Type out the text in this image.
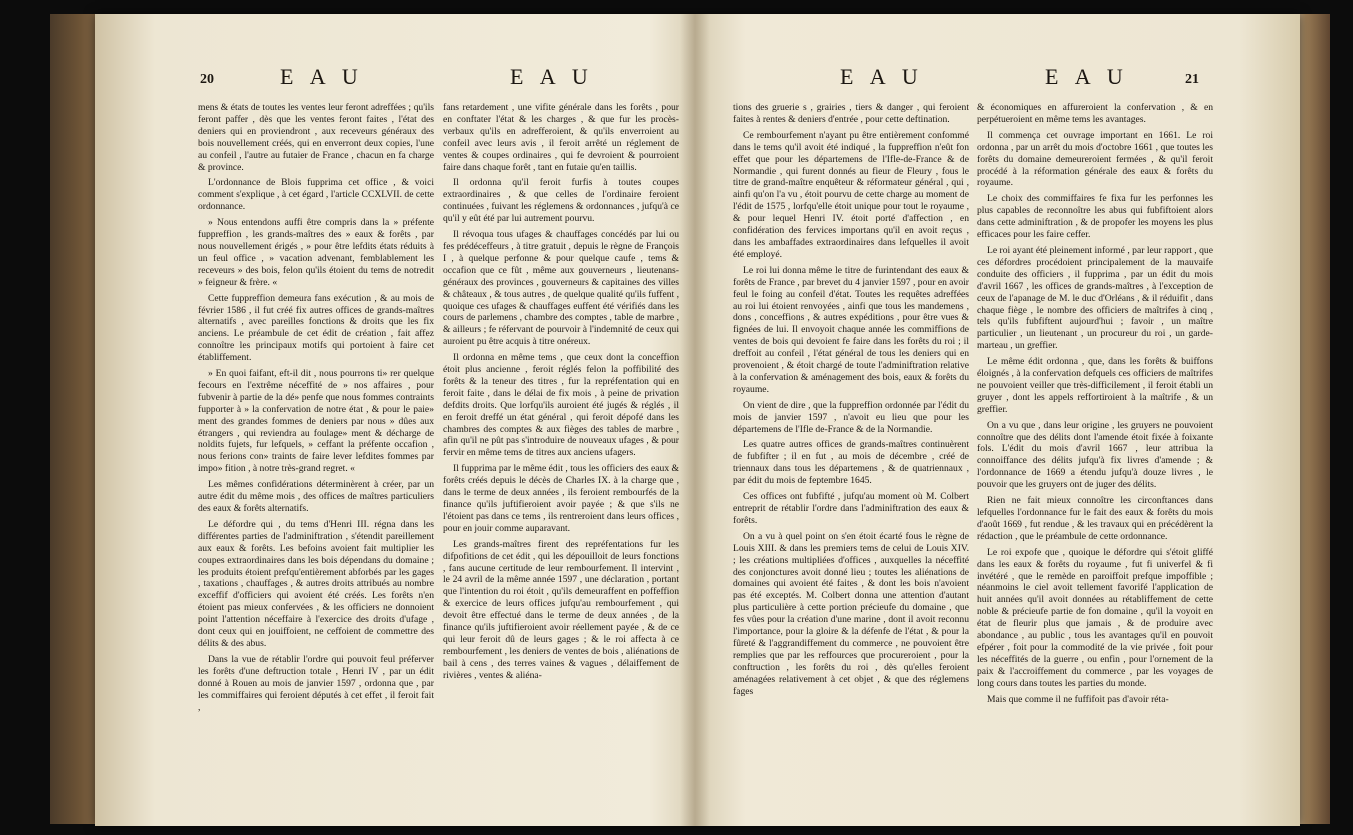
20	E A U	E A U

mens & états de toutes les ventes leur feront adreffées ; qu'ils feront paffer , dès que les ventes feront faites , l'état des deniers qui en proviendront , aux receveurs généraux des bois nouvellement créés, qui en enverront deux copies, l'une au confeil , l'autre au futaier de France , chacun en fa charge & province.

L'ordonnance de Blois fupprima cet office , & voici comment s'explique , à cet égard , l'article CCXLVII. de cette ordonnance.

» Nous entendons auffi être compris dans la » préfente fuppreffion , les grands-maîtres des » eaux & forêts , par nous nouvellement érigés , » pour être lefdits états réduits à un feul office , » vacation advenant, femblablement les receveurs » des bois, felon qu'ils étoient du tems de notredit » feigneur & frère. «

Cette fuppreffion demeura fans exécution , & au mois de février 1586 , il fut créé fix autres offices de grands-maîtres alternatifs , avec pareilles fonctions & droits que les fix anciens. Le préambule de cet édit de création , fait affez connoître les principaux motifs qui portoient à faire cet établiffement.

» En quoi faifant, eft-il dit , nous pourrons ti» rer quelque fecours en l'extrême néceffité de » nos affaires , pour fubvenir à partie de la dé» penfe que nous fommes contraints fupporter à » la confervation de notre état , & pour le paie» ment des grandes fommes de deniers par nous » dûes aux étrangers , qui reviendra au foulage» ment & décharge de noldits fujets, fur lefquels, » ceffant la préfente occafion , nous ferions con» traints de faire lever lefdites fommes par impo» fition , à notre très-grand regret. «

Les mêmes confidérations déterminèrent à créer, par un autre édit du même mois , des offices de maîtres particuliers des eaux & forêts alternatifs.

Le défordre qui , du tems d'Henri III. régna dans les différentes parties de l'adminiftration , s'étendit pareillement aux eaux & forêts. Les befoins avoient fait multiplier les coupes extraordinaires dans les bois dépendans du domaine ; les produits étoient prefqu'entièrement abforbés par les gages , taxations , chauffages , & autres droits attribués au nombre exceffif d'officiers qui avoient été créés. Les forêts n'en étoient pas mieux confervées , & les officiers ne donnoient point l'attention néceffaire à l'exercice des droits d'ufage , dont ceux qui en jouiffoient, ne ceffoient de commettre des délits & des abus.

Dans la vue de rétablir l'ordre qui pouvoit feul préferver les forêts d'une deftruction totale , Henri IV , par un édit donné à Rouen au mois de janvier 1597 , ordonna que , par les commiffaires qui feroient députés à cet effet , il feroit fait ,

fans retardement , une vifite générale dans les forêts , pour en conftater l'état & les charges , & que fur les procès-verbaux qu'ils en adrefferoient, & qu'ils enverroient au confeil avec leurs avis , il feroit arrêté un réglement de ventes & coupes ordinaires , qui fe devroient & pourroient faire dans chaque forêt , tant en futaie qu'en taillis.

Il ordonna qu'il feroit furfis à toutes coupes extraordinaires , & que celles de l'ordinaire feroient continuées , fuivant les réglemens & ordonnances , jufqu'à ce qu'il y eût été par lui autrement pourvu.

Il révoqua tous ufages & chauffages concédés par lui ou fes prédéceffeurs , à titre gratuit , depuis le règne de François I , à quelque perfonne & pour quelque caufe , tems & occafion que ce fût , même aux gouverneurs , lieutenans-généraux des provinces , gouverneurs & capitaines des villes & châteaux , & tous autres , de quelque qualité qu'ils fuffent , quoique ces ufages & chauffages euffent été vérifiés dans les cours de parlemens , chambre des comptes , table de marbre , & ailleurs ; fe réfervant de pourvoir à l'indemnité de ceux qui auroient pu être acquis à titre onéreux.

Il ordonna en même tems , que ceux dont la conceffion étoit plus ancienne , feroit réglés felon la poffibilité des forêts & la teneur des titres , fur la repréfentation qui en feroit faite , dans le délai de fix mois , à peine de privation defdits droits. Que lorfqu'ils auroient été jugés & réglés , il en feroit dreffé un état général , qui feroit dépofé dans les chambres des comptes & aux fièges des tables de marbre , afin qu'il ne pût pas s'introduire de nouveaux ufages , & pour fervir en même tems de titres aux anciens ufagers.

Il fupprima par le même édit , tous les officiers des eaux & forêts créés depuis le décès de Charles IX. à la charge que , dans le terme de deux années , ils feroient rembourfés de la finance qu'ils juftifieroient avoir payée ; & que s'ils ne l'étoient pas dans ce tems , ils rentreroient dans leurs offices , pour en jouir comme auparavant.

Les grands-maîtres firent des repréfentations fur les difpofitions de cet édit , qui les dépouilloit de leurs fonctions , fans aucune certitude de leur rembourfement. Il intervint , le 24 avril de la même année 1597 , une déclaration , portant que l'intention du roi étoit , qu'ils demeuraffent en poffeffion & exercice de leurs offices jufqu'au rembourfement , qui devoit être effectué dans le terme de deux années , de la finance qu'ils juftifieroient avoir réellement payée , & de ce qui leur feroit dû de leurs gages ; & le roi affecta à ce rembourfement , les deniers de ventes de bois , aliénations de bail à cens , des terres vaines & vagues , délaiffement de rivières , ventes & aliéna-

E A U	E A U	21

tions des gruerie s , grairies , tiers & danger , qui feroient faites à rentes & deniers d'entrée , pour cette deftination.

Ce rembourfement n'ayant pu être entièrement confommé dans le tems qu'il avoit été indiqué , la fuppreffion n'eût fon effet que pour les départemens de l'Ifle-de-France & de Normandie , qui furent donnés au fieur de Fleury , fous le titre de grand-maître enquêteur & réformateur général , qui , ainfi qu'on l'a vu , étoit pourvu de cette charge au moment de l'édit de 1575 , lorfqu'elle étoit unique pour tout le royaume , & pour lequel Henri IV. étoit porté d'affection , en confidération des fervices importans qu'il en avoit reçus , dans les ambaffades extraordinaires dans lefquelles il avoit été employé.

Le roi lui donna même le titre de furintendant des eaux & forêts de France , par brevet du 4 janvier 1597 , pour en avoir feul le foing au confeil d'état. Toutes les requêtes adreffées au roi lui étoient renvoyées , ainfi que tous les mandemens , dons , conceffions , & autres expéditions , pour être vues & fignées de lui. Il envoyoit chaque année les commiffions de ventes de bois qui devoient fe faire dans les forêts du roi ; il dreffoit au confeil , l'état général de tous les deniers qui en provenoient , & étoit chargé de toute l'adminiftration relative à la confervation & aménagement des bois, eaux & forêts du royaume.

On vient de dire , que la fuppreffion ordonnée par l'édit du mois de janvier 1597 , n'avoit eu lieu que pour les départemens de l'Ifle de-France & de la Normandie.

Les quatre autres offices de grands-maîtres continuèrent de fubfifter ; il en fut , au mois de décembre , créé de triennaux dans tous les départemens , & de quatriennaux , par édit du mois de feptembre 1645.

Ces offices ont fubfifté , jufqu'au moment où M. Colbert entreprit de rétablir l'ordre dans l'adminiftration des eaux & forêts.

On a vu à quel point on s'en étoit écarté fous le règne de Louis XIII. & dans les premiers tems de celui de Louis XIV. ; les créations multipliées d'offices , auxquelles la néceffité des conjonctures avoit donné lieu ; toutes les aliénations de domaines qui avoient été faites , & dont les bois n'avoient pas été exceptés. M. Colbert donna une attention d'autant plus particulière à cette portion précieufe du domaine , que fes vûes pour la création d'une marine , dont il avoit reconnu l'importance, pour la gloire & la défenfe de l'état , & pour la fûreté & l'aggrandiffement du commerce , ne pouvoient être remplies que par les reffources que procureroient , pour la conftruction , les forêts du roi , dès qu'elles feroient aménagées relativement à cet objet , & que des réglemens fages

& économiques en affureroient la confervation , & en perpétueroient en même tems les avantages.

Il commença cet ouvrage important en 1661. Le roi ordonna , par un arrêt du mois d'octobre 1661 , que toutes les forêts du domaine demeureroient fermées , & qu'il feroit procédé à la réformation générale des eaux & forêts du royaume.

Le choix des commiffaires fe fixa fur les perfonnes les plus capables de reconnoître les abus qui fubfiftoient alors dans cette adminiftration , & de propofer les moyens les plus efficaces pour les faire ceffer.

Le roi ayant été pleinement informé , par leur rapport , que ces défordres procédoient principalement de la mauvaife conduite des officiers , il fupprima , par un édit du mois d'avril 1667 , les offices de grands-maîtres , à l'exception de ceux de l'apanage de M. le duc d'Orléans , & il réduifit , dans chaque fiège , le nombre des officiers de maîtrifes à cinq , tels qu'ils fubfiftent aujourd'hui ; favoir , un maître particulier , un lieutenant , un procureur du roi , un garde-marteau , un greffier.

Le même édit ordonna , que, dans les forêts & buiffons éloignés , à la confervation defquels ces officiers de maîtrifes ne pouvoient veiller que très-difficilement , il feroit établi un gruyer , dont les appels reffortiroient à la maîtrife , & un greffier.

On a vu que , dans leur origine , les gruyers ne pouvoient connoître que des délits dont l'amende étoit fixée à foixante fols. L'édit du mois d'avril 1667 , leur attribua la connoiffance des délits jufqu'à fix livres d'amende ; & l'ordonnance de 1669 a étendu jufqu'à douze livres , le pouvoir que les gruyers ont de juger des délits.

Rien ne fait mieux connoître les circonftances dans lefquelles l'ordonnance fur le fait des eaux & forêts du mois d'août 1669 , fut rendue , & les travaux qui en précédèrent la rédaction , que le préambule de cette ordonnance.

Le roi expofe que , quoique le défordre qui s'étoit gliffé dans les eaux & forêts du royaume , fut fi univerfel & fi invétéré , que le remède en paroiffoit prefque impoffible ; néanmoins le ciel avoit tellement favorifé l'application de huit années qu'il avoit données au rétabliffement de cette noble & précieufe partie de fon domaine , qu'il la voyoit en état de fleurir plus que jamais , & de produire avec abondance , au public , tous les avantages qu'il en pouvoit efpérer , foit pour la commodité de la vie privée , foit pour les néceffités de la guerre , ou enfin , pour l'ornement de la paix & l'accroiffement du commerce , par les voyages de long cours dans toutes les parties du monde.

Mais que comme il ne fuffifoit pas d'avoir réta-
